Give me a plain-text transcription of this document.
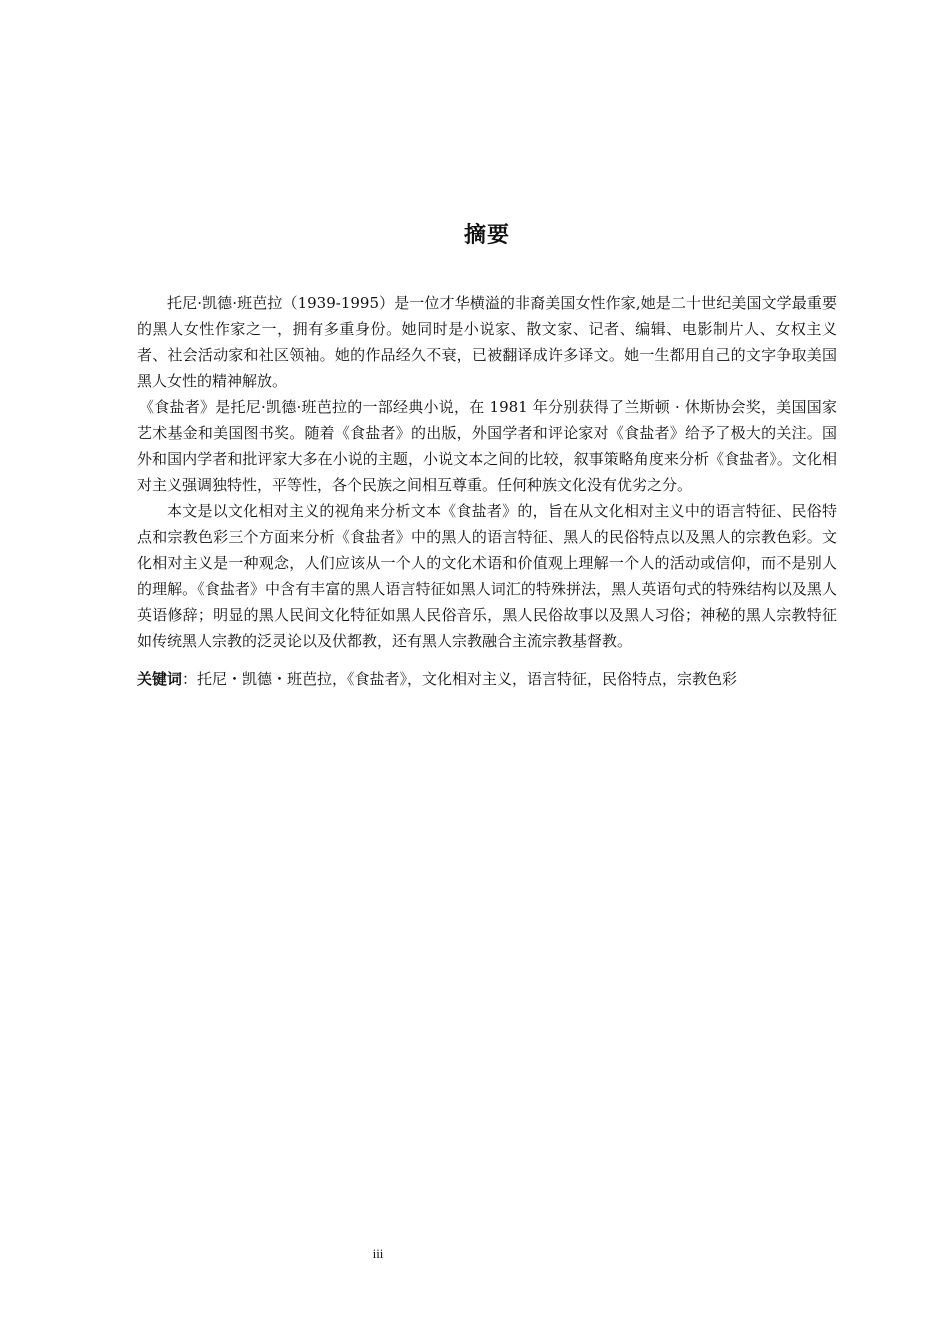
摘要

托尼·凯德·班芭拉（1939-1995）是一位才华横溢的非裔美国女性作家,她是二十世纪美国文学最重要的黑人女性作家之一，拥有多重身份。她同时是小说家、散文家、记者、编辑、电影制片人、女权主义者、社会活动家和社区领袖。她的作品经久不衰，已被翻译成许多译文。她一生都用自己的文字争取美国黑人女性的精神解放。

《食盐者》是托尼·凯德·班芭拉的一部经典小说，在 1981 年分别获得了兰斯顿 · 休斯协会奖，美国国家艺术基金和美国图书奖。随着《食盐者》的出版，外国学者和评论家对《食盐者》给予了极大的关注。国外和国内学者和批评家大多在小说的主题，小说文本之间的比较，叙事策略角度来分析《食盐者》。文化相对主义强调独特性，平等性，各个民族之间相互尊重。任何种族文化没有优劣之分。

本文是以文化相对主义的视角来分析文本《食盐者》的，旨在从文化相对主义中的语言特征、民俗特点和宗教色彩三个方面来分析《食盐者》中的黑人的语言特征、黑人的民俗特点以及黑人的宗教色彩。文化相对主义是一种观念，人们应该从一个人的文化术语和价值观上理解一个人的活动或信仰，而不是别人的理解。《食盐者》中含有丰富的黑人语言特征如黑人词汇的特殊拼法，黑人英语句式的特殊结构以及黑人英语修辞；明显的黑人民间文化特征如黑人民俗音乐，黑人民俗故事以及黑人习俗；神秘的黑人宗教特征如传统黑人宗教的泛灵论以及伏都教，还有黑人宗教融合主流宗教基督教。

关键词：托尼・凯德・班芭拉，《食盐者》，文化相对主义，语言特征，民俗特点，宗教色彩

iii
